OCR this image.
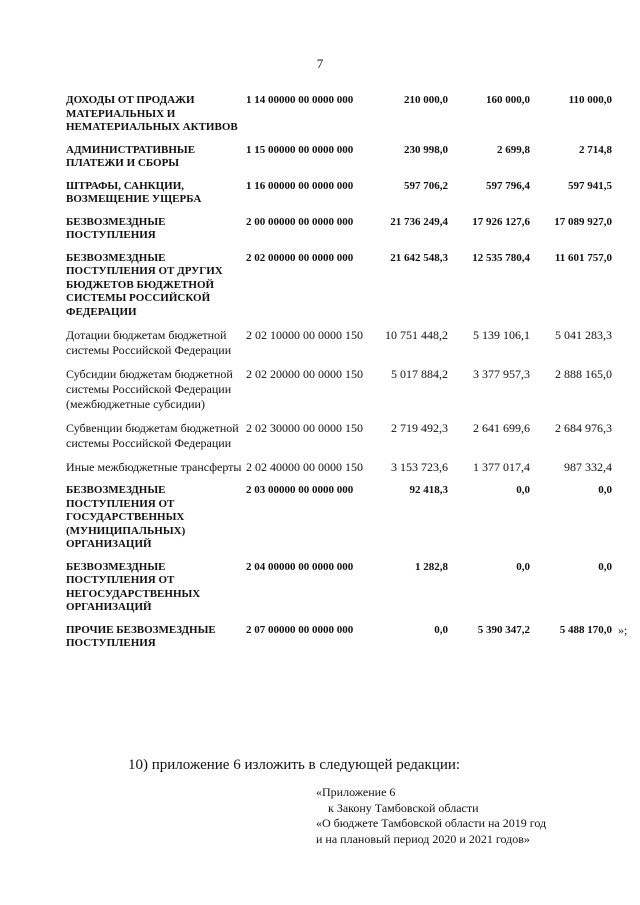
7
ДОХОДЫ ОТ ПРОДАЖИ МАТЕРИАЛЬНЫХ И НЕМАТЕРИАЛЬНЫХ АКТИВОВ	1 14 00000 00 0000 000	210 000,0	160 000,0	110 000,0
АДМИНИСТРАТИВНЫЕ ПЛАТЕЖИ И СБОРЫ	1 15 00000 00 0000 000	230 998,0	2 699,8	2 714,8
ШТРАФЫ, САНКЦИИ, ВОЗМЕЩЕНИЕ УЩЕРБА	1 16 00000 00 0000 000	597 706,2	597 796,4	597 941,5
БЕЗВОЗМЕЗДНЫЕ ПОСТУПЛЕНИЯ	2 00 00000 00 0000 000	21 736 249,4	17 926 127,6	17 089 927,0
БЕЗВОЗМЕЗДНЫЕ ПОСТУПЛЕНИЯ ОТ ДРУГИХ БЮДЖЕТОВ БЮДЖЕТНОЙ СИСТЕМЫ РОССИЙСКОЙ ФЕДЕРАЦИИ	2 02 00000 00 0000 000	21 642 548,3	12 535 780,4	11 601 757,0
Дотации бюджетам бюджетной системы Российской Федерации	2 02 10000 00 0000 150	10 751 448,2	5 139 106,1	5 041 283,3
Субсидии бюджетам бюджетной системы Российской Федерации (межбюджетные субсидии)	2 02 20000 00 0000 150	5 017 884,2	3 377 957,3	2 888 165,0
Субвенции бюджетам бюджетной системы Российской Федерации	2 02 30000 00 0000 150	2 719 492,3	2 641 699,6	2 684 976,3
Иные межбюджетные трансферты	2 02 40000 00 0000 150	3 153 723,6	1 377 017,4	987 332,4
БЕЗВОЗМЕЗДНЫЕ ПОСТУПЛЕНИЯ ОТ ГОСУДАРСТВЕННЫХ (МУНИЦИПАЛЬНЫХ) ОРГАНИЗАЦИЙ	2 03 00000 00 0000 000	92 418,3	0,0	0,0
БЕЗВОЗМЕЗДНЫЕ ПОСТУПЛЕНИЯ ОТ НЕГОСУДАРСТВЕННЫХ ОРГАНИЗАЦИЙ	2 04 00000 00 0000 000	1 282,8	0,0	0,0
ПРОЧИЕ БЕЗВОЗМЕЗДНЫЕ ПОСТУПЛЕНИЯ	2 07 00000 00 0000 000	0,0	5 390 347,2	5 488 170,0 »;
10) приложение 6 изложить в следующей редакции:
«Приложение 6
к Закону Тамбовской области
«О бюджете Тамбовской области на 2019 год
и на плановый период 2020 и 2021 годов»
